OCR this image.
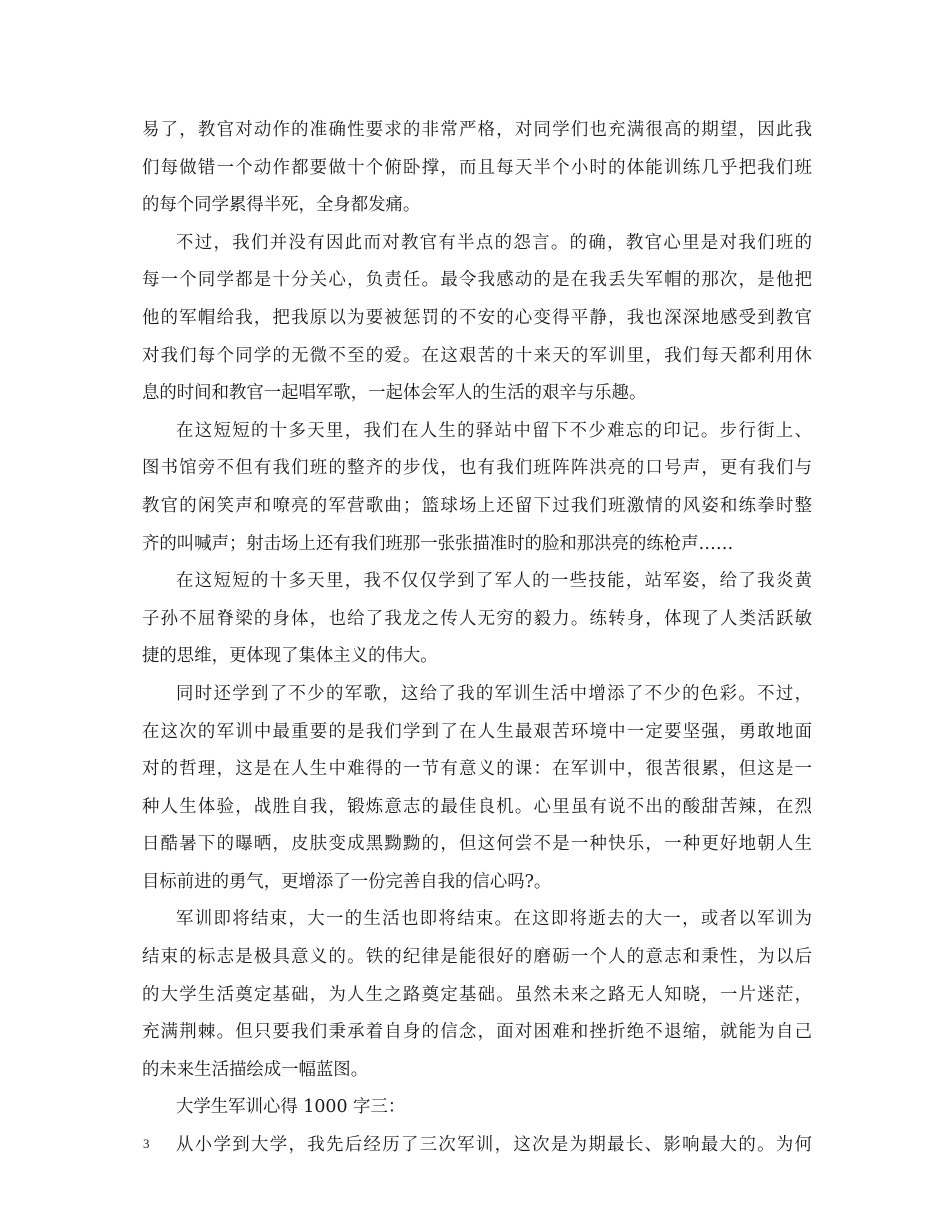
易了，教官对动作的准确性要求的非常严格，对同学们也充满很高的期望，因此我
们每做错一个动作都要做十个俯卧撑，而且每天半个小时的体能训练几乎把我们班
的每个同学累得半死，全身都发痛。
不过，我们并没有因此而对教官有半点的怨言。的确，教官心里是对我们班的
每一个同学都是十分关心，负责任。最令我感动的是在我丢失军帽的那次，是他把
他的军帽给我，把我原以为要被惩罚的不安的心变得平静，我也深深地感受到教官
对我们每个同学的无微不至的爱。在这艰苦的十来天的军训里，我们每天都利用休
息的时间和教官一起唱军歌，一起体会军人的生活的艰辛与乐趣。
在这短短的十多天里，我们在人生的驿站中留下不少难忘的印记。步行街上、
图书馆旁不但有我们班的整齐的步伐，也有我们班阵阵洪亮的口号声，更有我们与
教官的闲笑声和嘹亮的军营歌曲；篮球场上还留下过我们班激情的风姿和练拳时整
齐的叫喊声；射击场上还有我们班那一张张描准时的脸和那洪亮的练枪声……
在这短短的十多天里，我不仅仅学到了军人的一些技能，站军姿，给了我炎黄
子孙不屈脊梁的身体，也给了我龙之传人无穷的毅力。练转身，体现了人类活跃敏
捷的思维，更体现了集体主义的伟大。
同时还学到了不少的军歌，这给了我的军训生活中增添了不少的色彩。不过，
在这次的军训中最重要的是我们学到了在人生最艰苦环境中一定要坚强，勇敢地面
对的哲理，这是在人生中难得的一节有意义的课：在军训中，很苦很累，但这是一
种人生体验，战胜自我，锻炼意志的最佳良机。心里虽有说不出的酸甜苦辣，在烈
日酷暑下的曝晒，皮肤变成黑黝黝的，但这何尝不是一种快乐，一种更好地朝人生
目标前进的勇气，更增添了一份完善自我的信心吗?。
军训即将结束，大一的生活也即将结束。在这即将逝去的大一，或者以军训为
结束的标志是极具意义的。铁的纪律是能很好的磨砺一个人的意志和秉性，为以后
的大学生活奠定基础，为人生之路奠定基础。虽然未来之路无人知晓，一片迷茫，
充满荆棘。但只要我们秉承着自身的信念，面对困难和挫折绝不退缩，就能为自己
的未来生活描绘成一幅蓝图。
大学生军训心得 1000 字三：
从小学到大学，我先后经历了三次军训，这次是为期最长、影响最大的。为何
3
